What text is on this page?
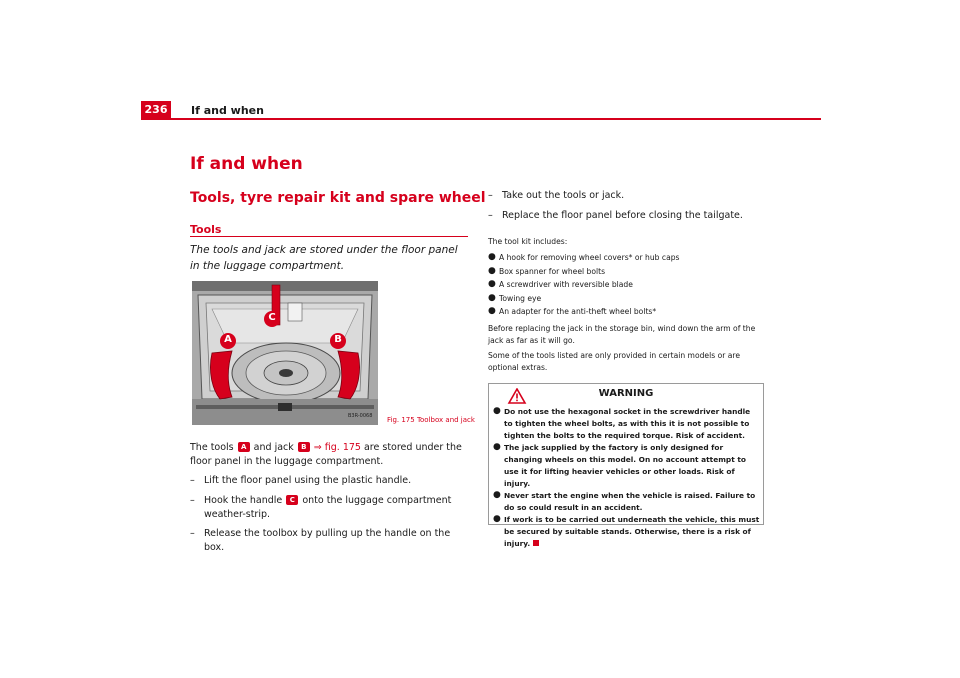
236	If and when
If and when
Tools, tyre repair kit and spare wheel
Tools
The tools and jack are stored under the floor panel in the luggage compartment.
A	B
C
B3R-0068 Fig. 175 Toolbox and jack
The tools A and jack B ⇒ fig. 175 are stored under the floor panel in the luggage compartment.
– Lift the floor panel using the plastic handle.
– Hook the handle C onto the luggage compartment weather-strip.
– Release the toolbox by pulling up the handle on the box.
– Take out the tools or jack.
– Replace the floor panel before closing the tailgate.
The tool kit includes:
● A hook for removing wheel covers* or hub caps
● Box spanner for wheel bolts
● A screwdriver with reversible blade
● Towing eye
● An adapter for the anti-theft wheel bolts*
Before replacing the jack in the storage bin, wind down the arm of the jack as far as it will go.
Some of the tools listed are only provided in certain models or are optional extras.
WARNING
● Do not use the hexagonal socket in the screwdriver handle to tighten the wheel bolts, as with this it is not possible to tighten the bolts to the required torque. Risk of accident.
● The jack supplied by the factory is only designed for changing wheels on this model. On no account attempt to use it for lifting heavier vehicles or other loads. Risk of injury.
● Never start the engine when the vehicle is raised. Failure to do so could result in an accident.
● If work is to be carried out underneath the vehicle, this must be secured by suitable stands. Otherwise, there is a risk of injury.
